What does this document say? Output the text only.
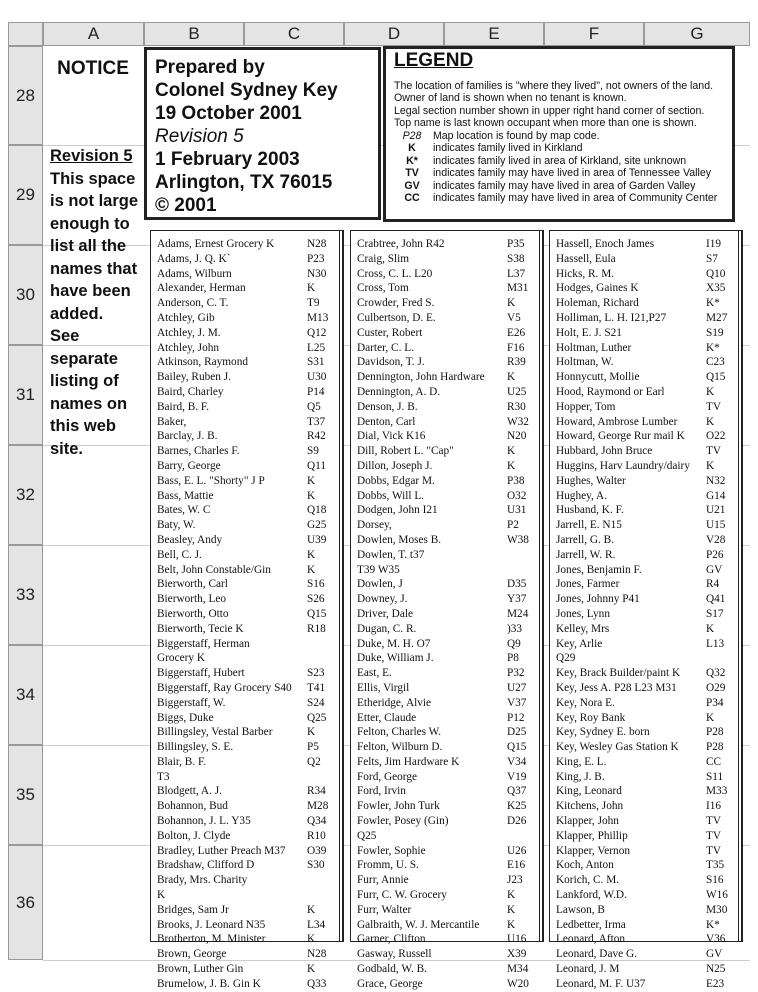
A	B	C	D	E	F	G
28
29
30
31
32
33
34
35
36
NOTICE
Revision 5
This space
is not large
enough to
list all the
names that
have been
added.
See
separate
listing of
names on
this web
site.
Prepared by
Colonel Sydney Key
19 October 2001
Revision 5
1 February 2003
Arlington, TX 76015
© 2001
LEGEND
The location of families is "where they lived", not owners of the land.
Owner of land is shown when no tenant is known.
Legal section number shown in upper right hand corner of section.
Top name is last known occupant when more than one is shown.
P28 Map location is found by map code.
K indicates family lived in Kirkland
K* indicates family lived in area of Kirkland, site unknown
TV indicates family may have lived in area of Tennessee Valley
GV indicates family may have lived in area of Garden Valley
CC indicates family may have lived in area of Community Center
Adams, Ernest Grocery K	N28
Adams, J. Q. K`	P23
Adams, Wilburn	N30
Alexander, Herman	K
Anderson, C. T.	T9
Atchley, Gib	M13
Atchley, J. M.	Q12
Atchley, John	L25
Atkinson, Raymond	S31
Bailey, Ruben J.	U30
Baird, Charley	P14
Baird, B. F.	Q5
Baker,	T37
Barclay, J. B.	R42
Barnes, Charles F.	S9
Barry, George	Q11
Bass, E. L. "Shorty" J P	K
Bass, Mattie	K
Bates, W. C	Q18
Baty, W.	G25
Beasley, Andy	U39
Bell, C. J.	K
Belt, John Constable/Gin	K
Bierworth, Carl	S16
Bierworth, Leo	S26
Bierworth, Otto	Q15
Bierworth, Tecie K	R18
Biggerstaff, Herman
Grocery K
Biggerstaff, Hubert	S23
Biggerstaff, Ray Grocery S40	T41
Biggerstaff, W.	S24
Biggs, Duke	Q25
Billingsley, Vestal Barber	K
Billingsley, S. E.	P5
Blair, B. F.	Q2
T3
Blodgett, A. J.	R34
Bohannon, Bud	M28
Bohannon, J. L. Y35	Q34
Bolton, J. Clyde	R10
Bradley, Luther Preach M37	O39
Bradshaw, Clifford D	S30
Brady, Mrs. Charity
K
Bridges, Sam Jr	K
Brooks, J. Leonard N35	L34
Brotherton, M. Minister	K
Brown, George	N28
Brown, Luther Gin	K
Brumelow, J. B. Gin K	Q33
Crabtree, John R42	P35
Craig, Slim	S38
Cross, C. L. L20	L37
Cross, Tom	M31
Crowder, Fred S.	K
Culbertson, D. E.	V5
Custer, Robert	E26
Darter, C. L.	F16
Davidson, T. J.	R39
Dennington, John Hardware	K
Dennington, A. D.	U25
Denson, J. B.	R30
Denton, Carl	W32
Dial, Vick K16	N20
Dill, Robert L. "Cap"	K
Dillon, Joseph J.	K
Dobbs, Edgar M.	P38
Dobbs, Will L.	O32
Dodgen, John I21	U31
Dorsey,	P2
Dowlen, Moses B.	W38
Dowlen, T. t37
T39 W35
Dowlen, J	D35
Downey, J.	Y37
Driver, Dale	M24
Dugan, C. R.	)33
Duke, M. H. O7	Q9
Duke, William J.	P8
East, E.	P32
Ellis, Virgil	U27
Etheridge, Alvie	V37
Etter, Claude	P12
Felton, Charles W.	D25
Felton, Wilburn D.	Q15
Felts, Jim Hardware K	V34
Ford, George	V19
Ford, Irvin	Q37
Fowler, John Turk	K25
Fowler, Posey (Gin)	D26
Q25
Fowler, Sophie	U26
Fromm, U. S.	E16
Furr, Annie	J23
Furr, C. W. Grocery	K
Furr, Walter	K
Galbraith, W. J. Mercantile	K
Garner, Clifton	U16
Gasway, Russell	X39
Godbald, W. B.	M34
Grace, George	W20
Hassell, Enoch James	I19
Hassell, Eula	S7
Hicks, R. M.	Q10
Hodges, Gaines K	X35
Holeman, Richard	K*
Holliman, L. H. I21,P27	M27
Holt, E. J. S21	S19
Holtman, Luther	K*
Holtman, W.	C23
Honnycutt, Mollie	Q15
Hood, Raymond or Earl	K
Hopper, Tom	TV
Howard, Ambrose Lumber	K
Howard, George Rur mail K	O22
Hubbard, John Bruce	TV
Huggins, Harv Laundry/dairy	K
Hughes, Walter	N32
Hughey, A.	G14
Husband, K. F.	U21
Jarrell, E. N15	U15
Jarrell, G. B.	V28
Jarrell, W. R.	P26
Jones, Benjamin F.	GV
Jones, Farmer	R4
Jones, Johnny P41	Q41
Jones, Lynn	S17
Kelley, Mrs	K
Key, Arlie	L13
Q29
Key, Brack Builder/paint K	Q32
Key, Jess A. P28 L23 M31	O29
Key, Nora E.	P34
Key, Roy Bank	K
Key, Sydney E. born	P28
Key, Wesley Gas Station K	P28
King, E. L.	CC
King, J. B.	S11
King, Leonard	M33
Kitchens, John	I16
Klapper, John	TV
Klapper, Phillip	TV
Klapper, Vernon	TV
Koch, Anton	T35
Korich, C. M.	S16
Lankford, W.D.	W16
Lawson, B	M30
Ledbetter, Irma	K*
Leonard, Afton	V36
Leonard, Dave G.	GV
Leonard, J. M	N25
Leonard, M. F. U37	E23
